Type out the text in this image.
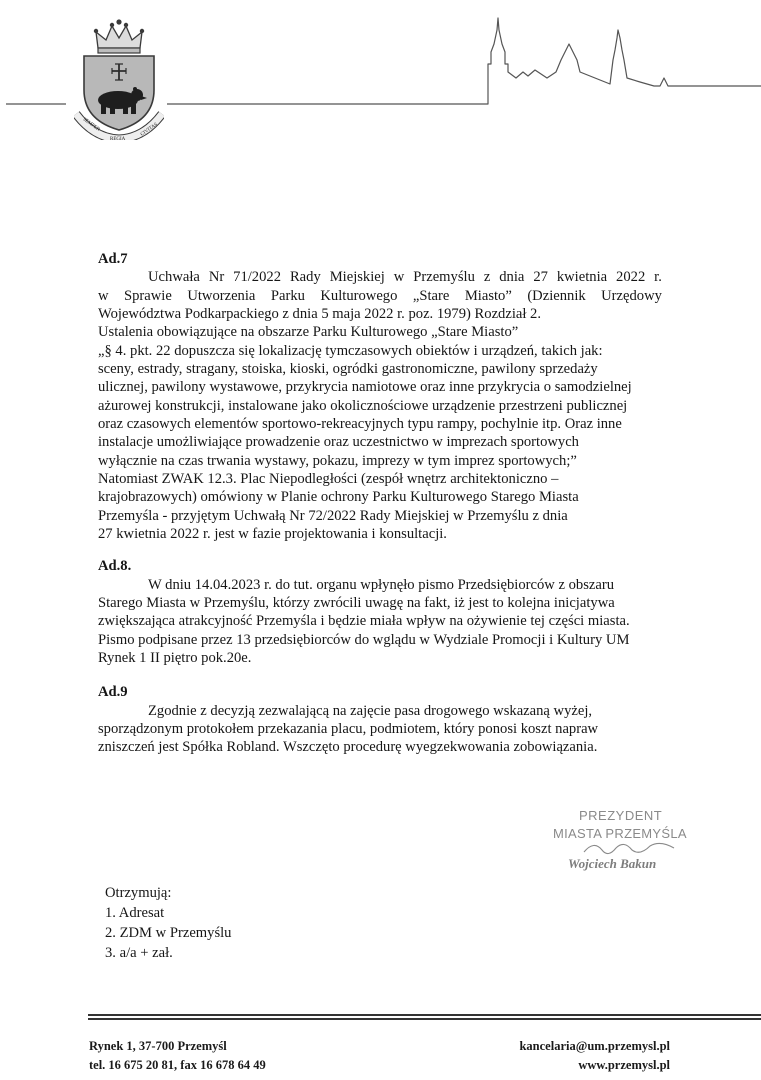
SEMPER
REGIA
CIVITAS
Ad.7
Uchwała Nr 71/2022 Rady Miejskiej w Przemyślu z dnia 27 kwietnia 2022 r.
w Sprawie Utworzenia Parku Kulturowego „Stare Miasto” (Dziennik Urzędowy
Województwa Podkarpackiego z dnia 5 maja 2022 r. poz. 1979) Rozdział 2.
Ustalenia obowiązujące na obszarze Parku Kulturowego „Stare Miasto”
„§ 4. pkt. 22 dopuszcza się lokalizację tymczasowych obiektów i urządzeń, takich jak:
sceny, estrady, stragany, stoiska, kioski, ogródki gastronomiczne, pawilony sprzedaży
ulicznej, pawilony wystawowe, przykrycia namiotowe oraz inne przykrycia o samodzielnej
ażurowej konstrukcji, instalowane jako okolicznościowe urządzenie przestrzeni publicznej
oraz czasowych elementów sportowo-rekreacyjnych typu rampy, pochylnie itp. Oraz inne
instalacje umożliwiające prowadzenie oraz uczestnictwo w imprezach sportowych
wyłącznie na czas trwania wystawy, pokazu, imprezy w tym imprez sportowych;”
Natomiast ZWAK 12.3. Plac Niepodległości (zespół wnętrz architektoniczno –
krajobrazowych) omówiony w Planie ochrony Parku Kulturowego Starego Miasta
Przemyśla - przyjętym Uchwałą Nr 72/2022 Rady Miejskiej w Przemyślu z dnia
27 kwietnia 2022 r. jest w fazie projektowania i konsultacji.
Ad.8.
W dniu 14.04.2023 r. do tut. organu wpłynęło pismo Przedsiębiorców z obszaru
Starego Miasta w Przemyślu, którzy zwrócili uwagę na fakt, iż jest to kolejna inicjatywa
zwiększająca atrakcyjność Przemyśla i będzie miała wpływ na ożywienie tej części miasta.
Pismo podpisane przez 13 przedsiębiorców do wglądu w Wydziale Promocji i Kultury UM
Rynek 1 II piętro pok.20e.
Ad.9
Zgodnie z decyzją zezwalającą na zajęcie pasa drogowego wskazaną wyżej,
sporządzonym protokołem przekazania placu, podmiotem, który ponosi koszt napraw
zniszczeń jest Spółka Robland. Wszczęto procedurę wyegzekwowania zobowiązania.
PREZYDENT
MIASTA PRZEMYŚLA
Wojciech Bakun
Otrzymują:
1. Adresat
2. ZDM w Przemyślu
3. a/a + zał.
Rynek 1, 37-700 Przemyśl
tel. 16 675 20 81, fax 16 678 64 49
kancelaria@um.przemysl.pl
www.przemysl.pl
